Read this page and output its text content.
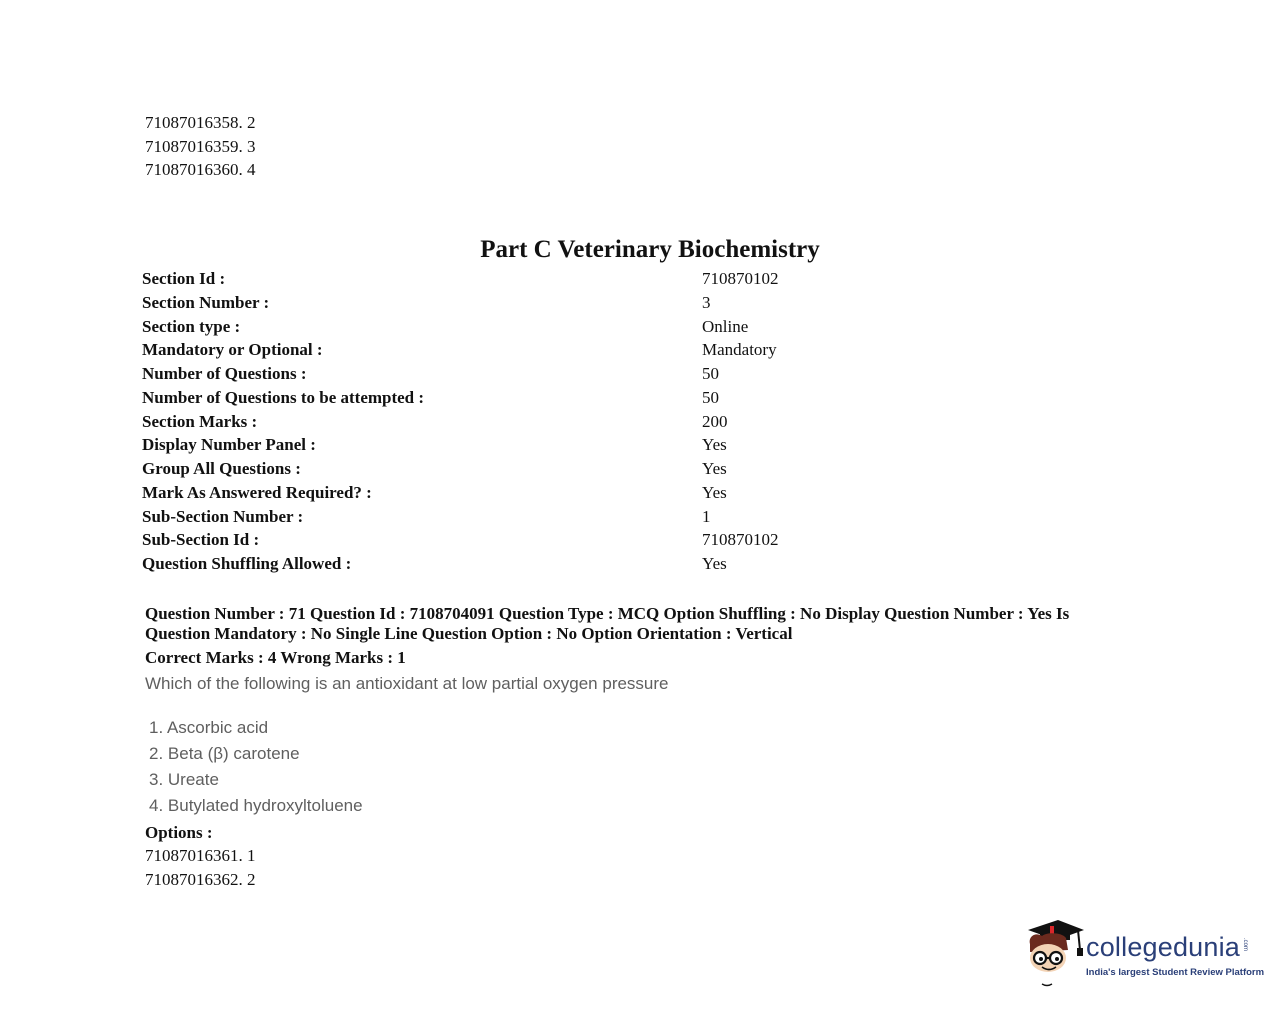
71087016358. 2
71087016359. 3
71087016360. 4
Part C Veterinary Biochemistry
Section Id :	710870102
Section Number :	3
Section type :	Online
Mandatory or Optional :	Mandatory
Number of Questions :	50
Number of Questions to be attempted :	50
Section Marks :	200
Display Number Panel :	Yes
Group All Questions :	Yes
Mark As Answered Required? :	Yes
Sub-Section Number :	1
Sub-Section Id :	710870102
Question Shuffling Allowed :	Yes
Question Number : 71 Question Id : 7108704091 Question Type : MCQ Option Shuffling : No Display Question Number : Yes Is Question Mandatory : No Single Line Question Option : No Option Orientation : Vertical
Correct Marks : 4 Wrong Marks : 1
Which of the following is an antioxidant at low partial oxygen pressure
1. Ascorbic acid
2. Beta (β) carotene
3. Ureate
4. Butylated hydroxyltoluene
Options :
71087016361. 1
71087016362. 2
collegedunia .com
India's largest Student Review Platform
